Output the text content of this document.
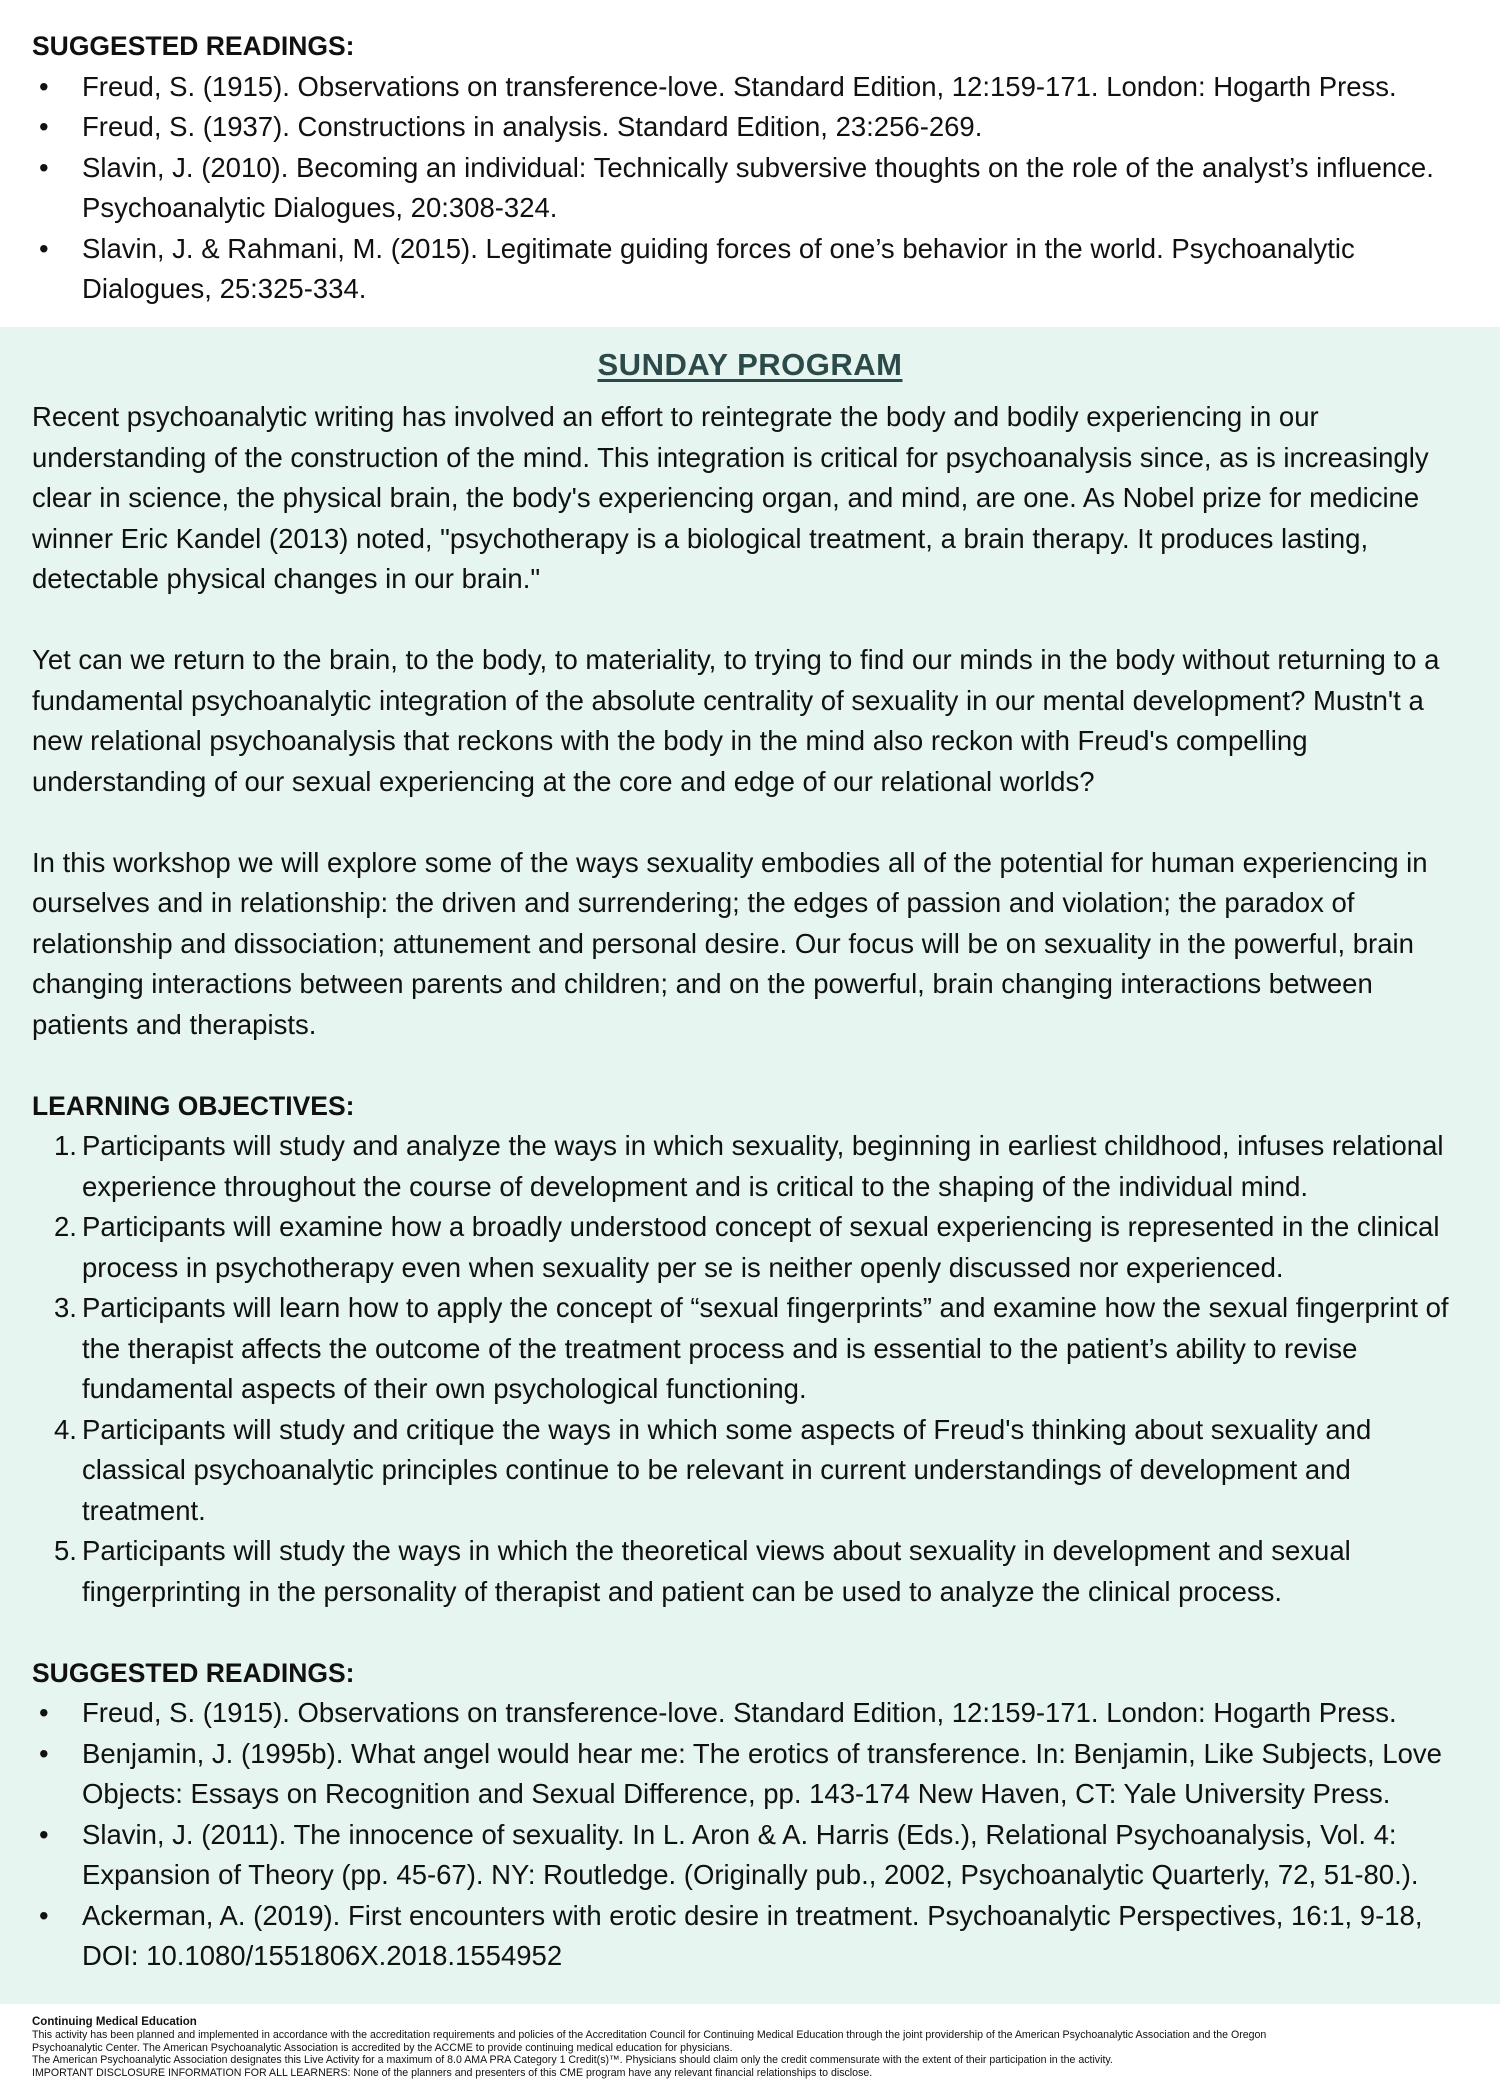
SUGGESTED READINGS:
• Freud, S. (1915). Observations on transference-love. Standard Edition, 12:159-171. London: Hogarth Press.
• Freud, S. (1937). Constructions in analysis. Standard Edition, 23:256-269.
• Slavin, J. (2010). Becoming an individual: Technically subversive thoughts on the role of the analyst’s influence. Psychoanalytic Dialogues, 20:308-324.
• Slavin, J. & Rahmani, M. (2015). Legitimate guiding forces of one’s behavior in the world. Psychoanalytic Dialogues, 25:325-334.
SUNDAY PROGRAM

Recent psychoanalytic writing has involved an effort to reintegrate the body and bodily experiencing in our understanding of the construction of the mind. This integration is critical for psychoanalysis since, as is increasingly clear in science, the physical brain, the body's experiencing organ, and mind, are one. As Nobel prize for medicine winner Eric Kandel (2013) noted, "psychotherapy is a biological treatment, a brain therapy. It produces lasting, detectable physical changes in our brain."

Yet can we return to the brain, to the body, to materiality, to trying to find our minds in the body without returning to a fundamental psychoanalytic integration of the absolute centrality of sexuality in our mental development? Mustn't a new relational psychoanalysis that reckons with the body in the mind also reckon with Freud's compelling understanding of our sexual experiencing at the core and edge of our relational worlds?

In this workshop we will explore some of the ways sexuality embodies all of the potential for human experiencing in ourselves and in relationship: the driven and surrendering; the edges of passion and violation; the paradox of relationship and dissociation; attunement and personal desire. Our focus will be on sexuality in the powerful, brain changing interactions between parents and children; and on the powerful, brain changing interactions between patients and therapists.

LEARNING OBJECTIVES:
1. Participants will study and analyze the ways in which sexuality, beginning in earliest childhood, infuses relational experience throughout the course of development and is critical to the shaping of the individual mind.
2. Participants will examine how a broadly understood concept of sexual experiencing is represented in the clinical process in psychotherapy even when sexuality per se is neither openly discussed nor experienced.
3. Participants will learn how to apply the concept of “sexual fingerprints” and examine how the sexual fingerprint of the therapist affects the outcome of the treatment process and is essential to the patient’s ability to revise fundamental aspects of their own psychological functioning.
4. Participants will study and critique the ways in which some aspects of Freud's thinking about sexuality and classical psychoanalytic principles continue to be relevant in current understandings of development and treatment.
5. Participants will study the ways in which the theoretical views about sexuality in development and sexual fingerprinting in the personality of therapist and patient can be used to analyze the clinical process.
SUGGESTED READINGS:
• Freud, S. (1915). Observations on transference-love. Standard Edition, 12:159-171. London: Hogarth Press.
• Benjamin, J. (1995b). What angel would hear me: The erotics of transference. In: Benjamin, Like Subjects, Love Objects: Essays on Recognition and Sexual Difference, pp. 143-174 New Haven, CT: Yale University Press.
• Slavin, J. (2011). The innocence of sexuality. In L. Aron & A. Harris (Eds.), Relational Psychoanalysis, Vol. 4: Expansion of Theory (pp. 45-67). NY: Routledge. (Originally pub., 2002, Psychoanalytic Quarterly, 72, 51-80.).
• Ackerman, A. (2019). First encounters with erotic desire in treatment. Psychoanalytic Perspectives, 16:1, 9-18, DOI: 10.1080/1551806X.2018.1554952
Continuing Medical Education
This activity has been planned and implemented in accordance with the accreditation requirements and policies of the Accreditation Council for Continuing Medical Education through the joint providership of the American Psychoanalytic Association and the Oregon
Psychoanalytic Center. The American Psychoanalytic Association is accredited by the ACCME to provide continuing medical education for physicians.
The American Psychoanalytic Association designates this Live Activity for a maximum of 8.0 AMA PRA Category 1 Credit(s)™. Physicians should claim only the credit commensurate with the extent of their participation in the activity.
IMPORTANT DISCLOSURE INFORMATION FOR ALL LEARNERS: None of the planners and presenters of this CME program have any relevant financial relationships to disclose.
